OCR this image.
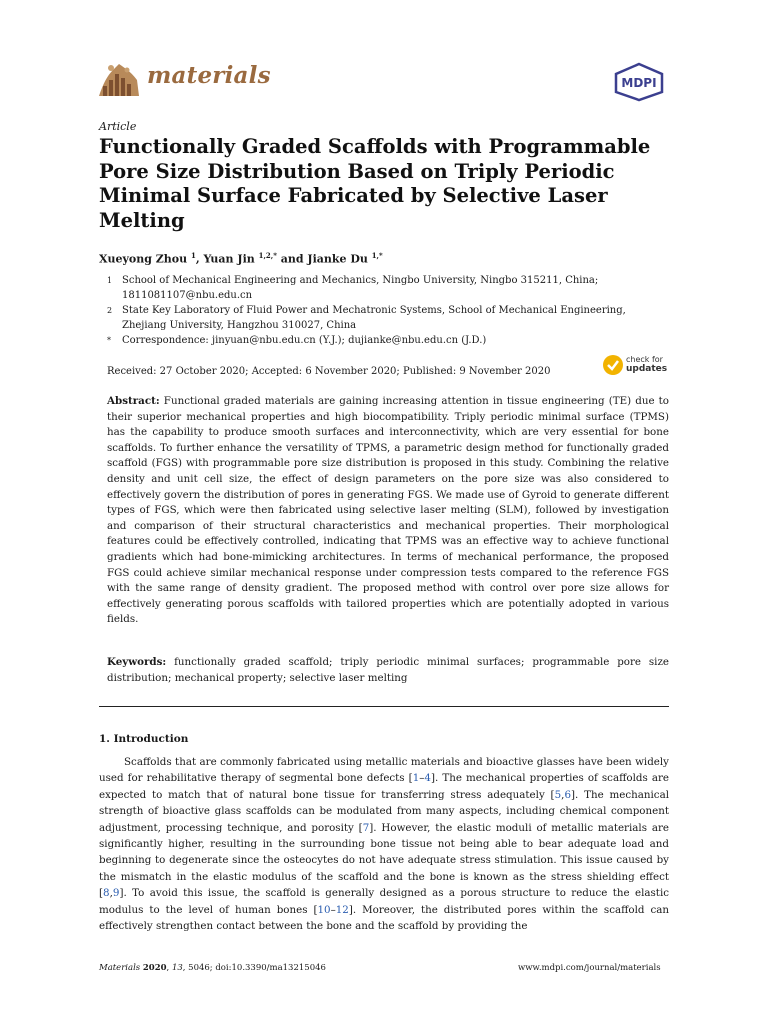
materials	MDPI
Article
Functionally Graded Scaffolds with Programmable Pore Size Distribution Based on Triply Periodic Minimal Surface Fabricated by Selective Laser Melting
Xueyong Zhou $^1$, Yuan Jin $^{1,2,*}$ and Jianke Du $^{1,*}$
1 School of Mechanical Engineering and Mechanics, Ningbo University, Ningbo 315211, China;
1811081107@nbu.edu.cn
2 State Key Laboratory of Fluid Power and Mechatronic Systems, School of Mechanical Engineering,
Zhejiang University, Hangzhou 310027, China
* Correspondence: jinyuan@nbu.edu.cn (Y.J.); dujianke@nbu.edu.cn (J.D.)
Received: 27 October 2020; Accepted: 6 November 2020; Published: 9 November 2020
check for
updates

Abstract: Functional graded materials are gaining increasing attention in tissue engineering (TE) due to their superior mechanical properties and high biocompatibility. Triply periodic minimal surface (TPMS) has the capability to produce smooth surfaces and interconnectivity, which are very essential for bone scaffolds. To further enhance the versatility of TPMS, a parametric design method for functionally graded scaffold (FGS) with programmable pore size distribution is proposed in this study. Combining the relative density and unit cell size, the effect of design parameters on the pore size was also considered to effectively govern the distribution of pores in generating FGS. We made use of Gyroid to generate different types of FGS, which were then fabricated using selective laser melting (SLM), followed by investigation and comparison of their structural characteristics and mechanical properties. Their morphological features could be effectively controlled, indicating that TPMS was an effective way to achieve functional gradients which had bone-mimicking architectures. In terms of mechanical performance, the proposed FGS could achieve similar mechanical response under compression tests compared to the reference FGS with the same range of density gradient. The proposed method with control over pore size allows for effectively generating porous scaffolds with tailored properties which are potentially adopted in various fields.

Keywords: functionally graded scaffold; triply periodic minimal surfaces; programmable pore size distribution; mechanical property; selective laser melting

1. Introduction

Scaffolds that are commonly fabricated using metallic materials and bioactive glasses have been widely used for rehabilitative therapy of segmental bone defects [1–4]. The mechanical properties of scaffolds are expected to match that of natural bone tissue for transferring stress adequately [5,6]. The mechanical strength of bioactive glass scaffolds can be modulated from many aspects, including chemical component adjustment, processing technique, and porosity [7]. However, the elastic moduli of metallic materials are significantly higher, resulting in the surrounding bone tissue not being able to bear adequate load and beginning to degenerate since the osteocytes do not have adequate stress stimulation. This issue caused by the mismatch in the elastic modulus of the scaffold and the bone is known as the stress shielding effect [8,9]. To avoid this issue, the scaffold is generally designed as a porous structure to reduce the elastic modulus to the level of human bones [10–12]. Moreover, the distributed pores within the scaffold can effectively strengthen contact between the bone and the scaffold by providing the

Materials 2020, 13, 5046; doi:10.3390/ma13215046	www.mdpi.com/journal/materials
